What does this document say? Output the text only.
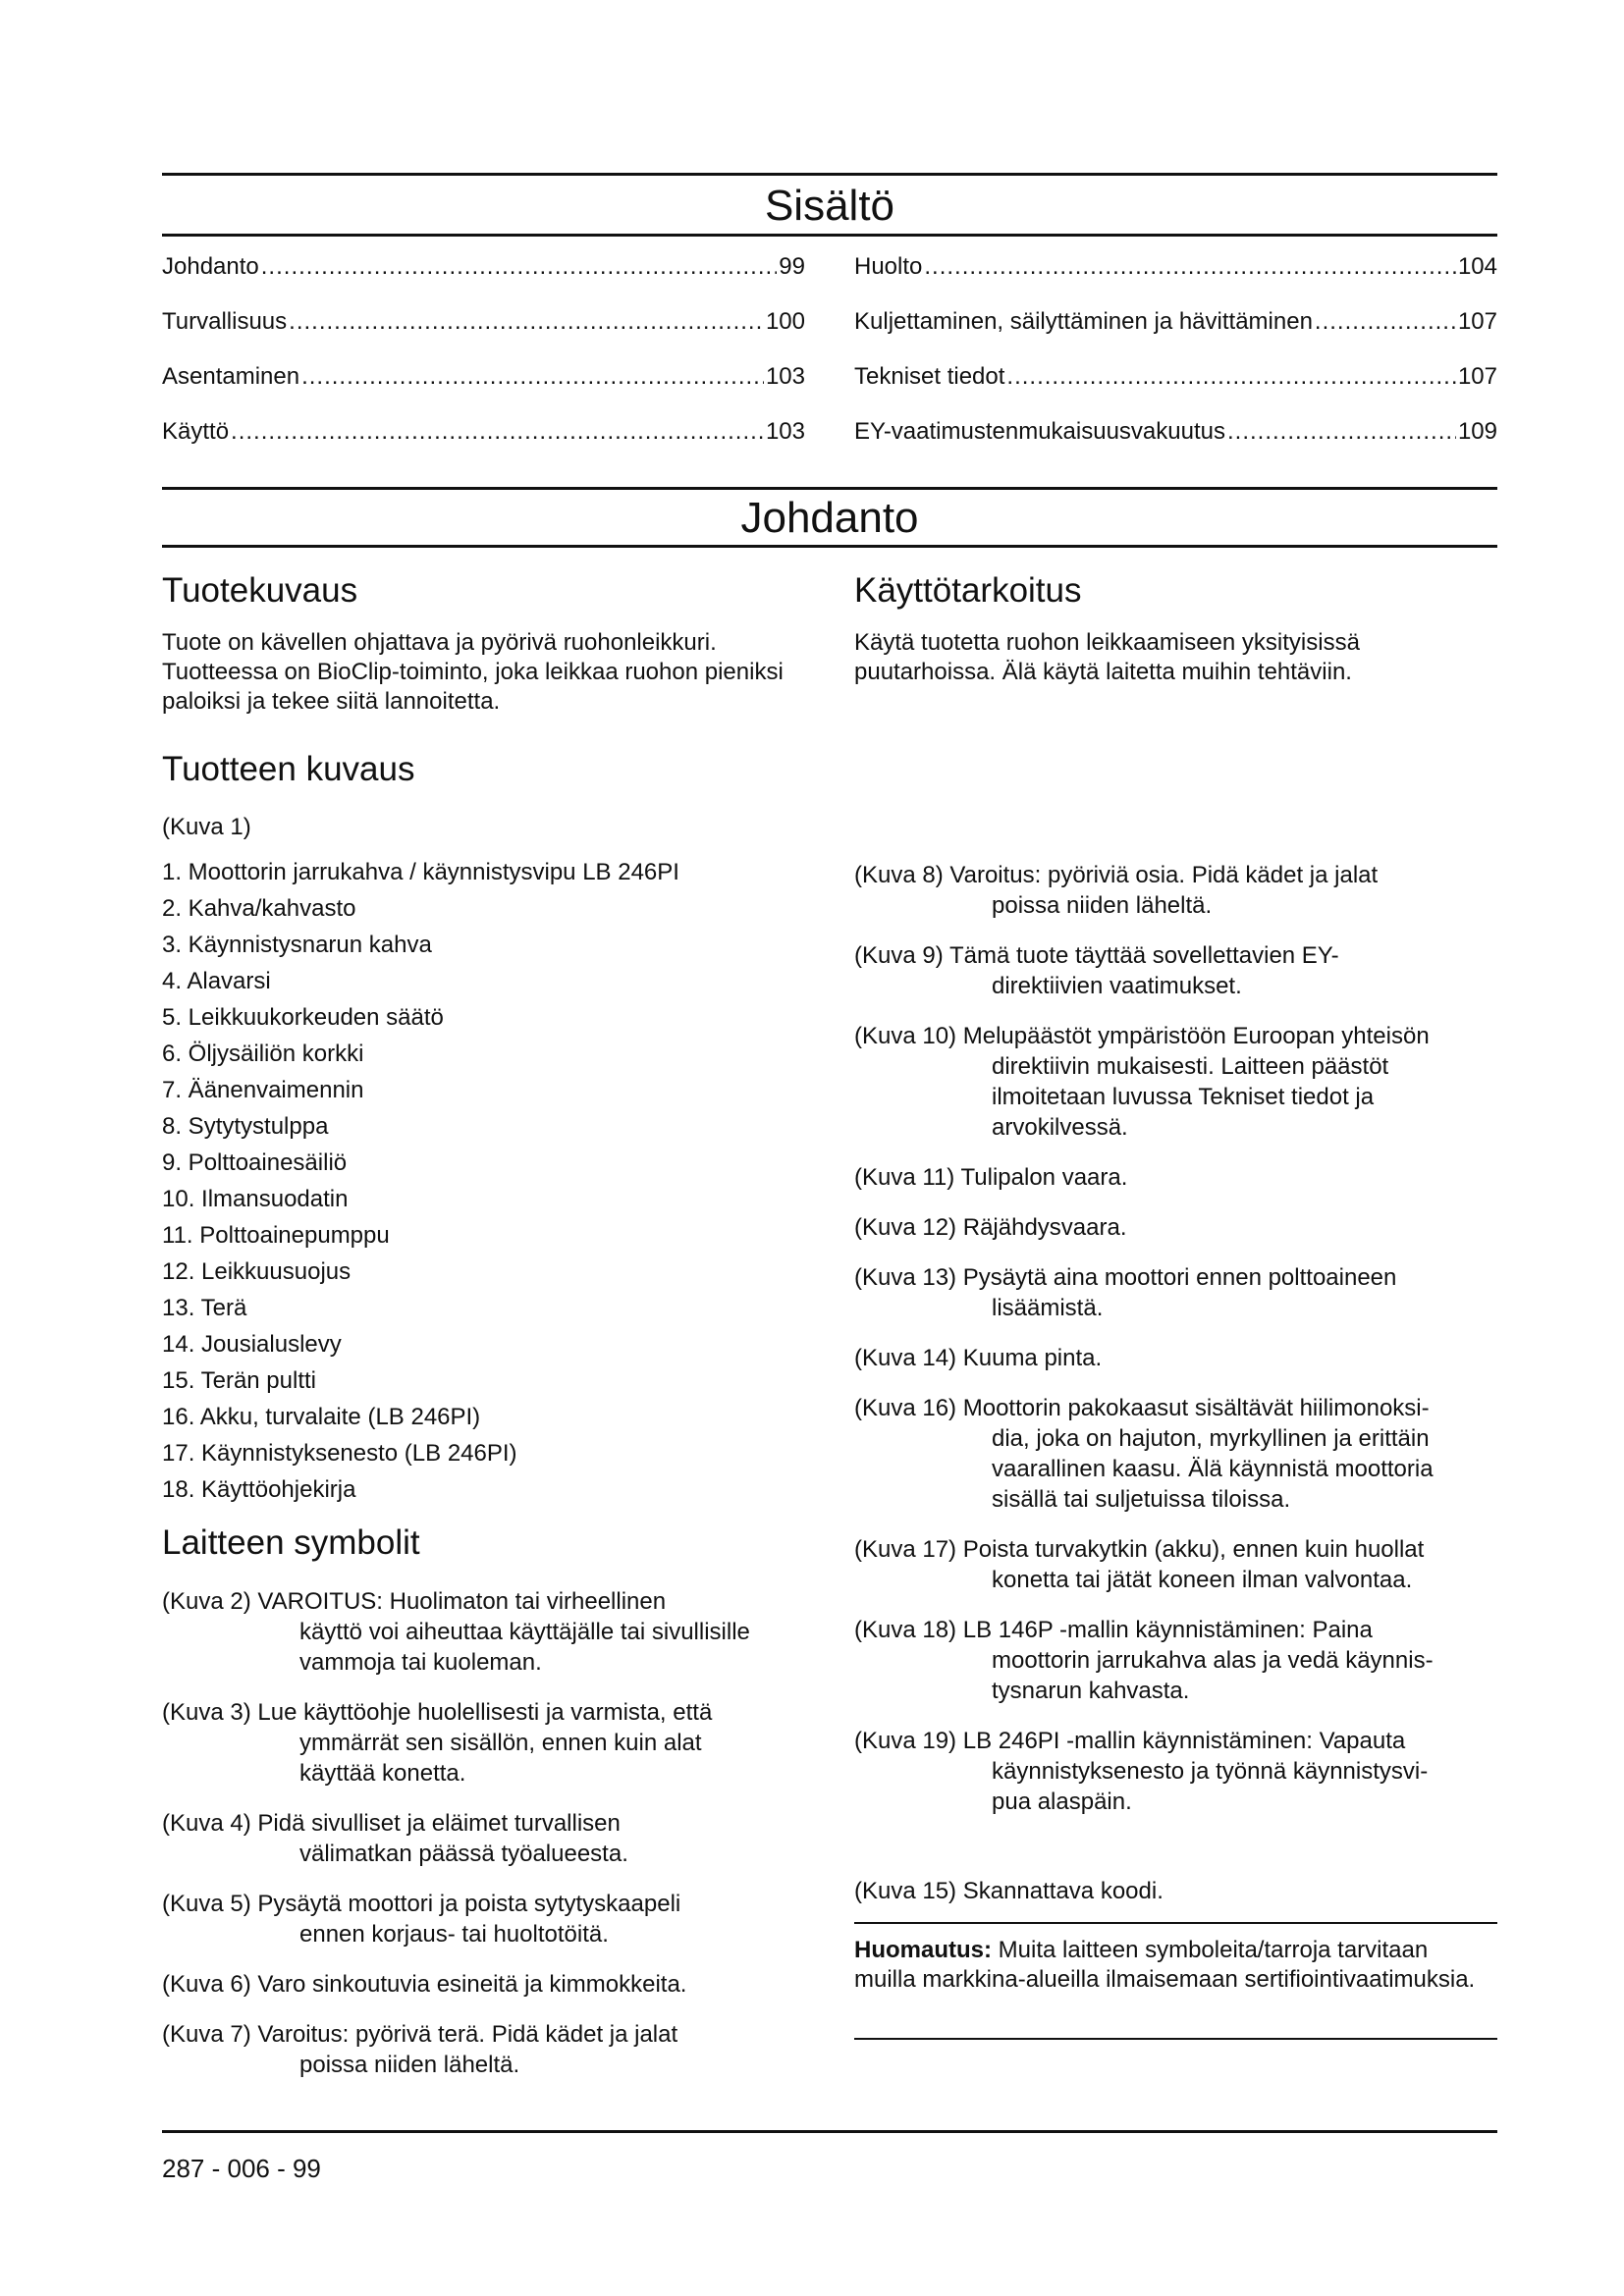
Sisältö
Johdanto .....	99
Turvallisuus .....	100
Asentaminen .....	103
Käyttö .....	103
Huolto .....	104
Kuljettaminen, säilyttäminen ja hävittäminen .....	107
Tekniset tiedot .....	107
EY-vaatimustenmukaisuusvakuutus .....	109
Johdanto
Tuotekuvaus

Tuote on kävellen ohjattava ja pyörivä ruohonleikkuri. Tuotteessa on BioClip-toiminto, joka leikkaa ruohon pieniksi paloiksi ja tekee siitä lannoitetta.

Käyttötarkoitus

Käytä tuotetta ruohon leikkaamiseen yksityisissä puutarhoissa. Älä käytä laitetta muihin tehtäviin.

Tuotteen kuvaus

(Kuva 1)

1. Moottorin jarrukahva / käynnistysvipu LB 246PI
2. Kahva/kahvasto
3. Käynnistysnarun kahva
4. Alavarsi
5. Leikkuukorkeuden säätö
6. Öljysäiliön korkki
7. Äänenvaimennin
8. Sytytystulppa
9. Polttoainesäiliö
10. Ilmansuodatin
11. Polttoainepumppu
12. Leikkuusuojus
13. Terä
14. Jousialuslevy
15. Terän pultti
16. Akku, turvalaite (LB 246PI)
17. Käynnistyksenesto (LB 246PI)
18. Käyttöohjekirja
Laitteen symbolit
(Kuva 2) VAROITUS: Huolimaton tai virheellinen
käyttö voi aiheuttaa käyttäjälle tai sivullisille
vammoja tai kuoleman.
(Kuva 3) Lue käyttöohje huolellisesti ja varmista, että
ymmärrät sen sisällön, ennen kuin alat
käyttää konetta.
(Kuva 4) Pidä sivulliset ja eläimet turvallisen
välimatkan päässä työalueesta.
(Kuva 5) Pysäytä moottori ja poista sytytyskaapeli
ennen korjaus- tai huoltotöitä.
(Kuva 6) Varo sinkoutuvia esineitä ja kimmokkeita.
(Kuva 7) Varoitus: pyörivä terä. Pidä kädet ja jalat
poissa niiden läheltä.
(Kuva 8) Varoitus: pyöriviä osia. Pidä kädet ja jalat
poissa niiden läheltä.
(Kuva 9) Tämä tuote täyttää sovellettavien EY-
direktiivien vaatimukset.
(Kuva 10) Melupäästöt ympäristöön Euroopan yhteisön
direktiivin mukaisesti. Laitteen päästöt
ilmoitetaan luvussa Tekniset tiedot ja
arvokilvessä.
(Kuva 11) Tulipalon vaara.
(Kuva 12) Räjähdysvaara.
(Kuva 13) Pysäytä aina moottori ennen polttoaineen
lisäämistä.
(Kuva 14) Kuuma pinta.
(Kuva 16) Moottorin pakokaasut sisältävät hiilimonoksi-
dia, joka on hajuton, myrkyllinen ja erittäin
vaarallinen kaasu. Älä käynnistä moottoria
sisällä tai suljetuissa tiloissa.
(Kuva 17) Poista turvakytkin (akku), ennen kuin huollat
konetta tai jätät koneen ilman valvontaa.
(Kuva 18) LB 146P -mallin käynnistäminen: Paina
moottorin jarrukahva alas ja vedä käynnis-
tysnarun kahvasta.
(Kuva 19) LB 246PI -mallin käynnistäminen: Vapauta
käynnistyksenesto ja työnnä käynnistysvi-
pua alaspäin.

(Kuva 15) Skannattava koodi.

Huomautus: Muita laitteen symboleita/tarroja tarvitaan muilla markkina-alueilla ilmaisemaan sertifiointivaatimuksia.

287 - 006 - 99
